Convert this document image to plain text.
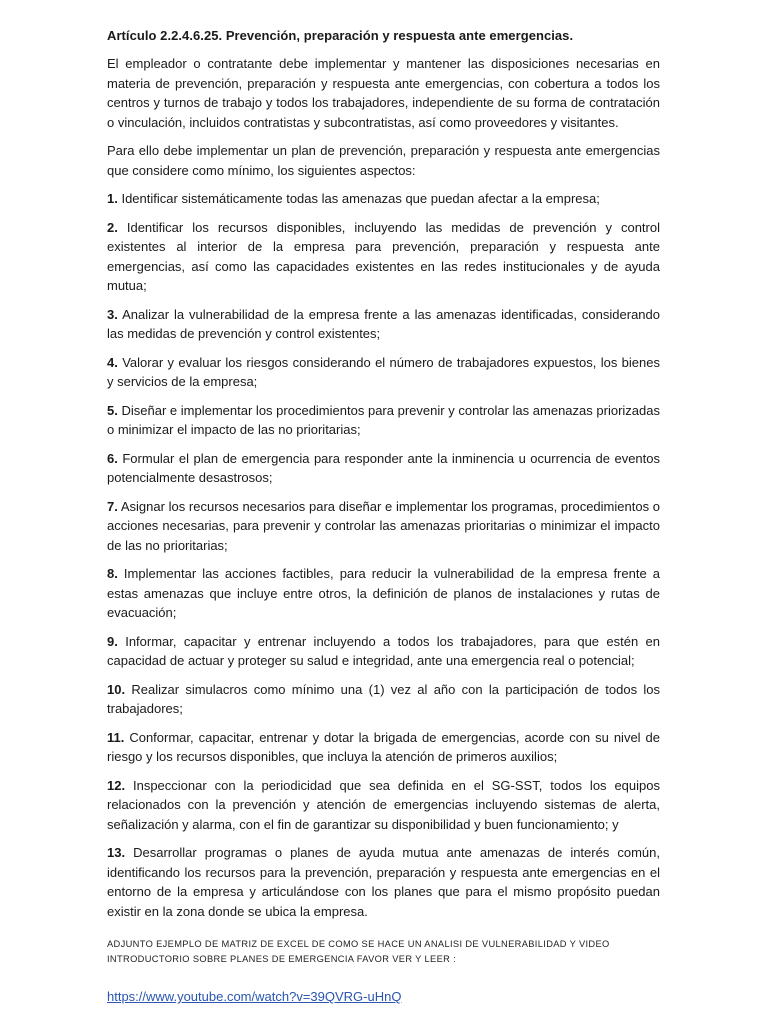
Artículo 2.2.4.6.25. Prevención, preparación y respuesta ante emergencias.

El empleador o contratante debe implementar y mantener las disposiciones necesarias en materia de prevención, preparación y respuesta ante emergencias, con cobertura a todos los centros y turnos de trabajo y todos los trabajadores, independiente de su forma de contratación o vinculación, incluidos contratistas y subcontratistas, así como proveedores y visitantes.

Para ello debe implementar un plan de prevención, preparación y respuesta ante emergencias que considere como mínimo, los siguientes aspectos:

1. Identificar sistemáticamente todas las amenazas que puedan afectar a la empresa;

2. Identificar los recursos disponibles, incluyendo las medidas de prevención y control existentes al interior de la empresa para prevención, preparación y respuesta ante emergencias, así como las capacidades existentes en las redes institucionales y de ayuda mutua;

3. Analizar la vulnerabilidad de la empresa frente a las amenazas identificadas, considerando las medidas de prevención y control existentes;

4. Valorar y evaluar los riesgos considerando el número de trabajadores expuestos, los bienes y servicios de la empresa;

5. Diseñar e implementar los procedimientos para prevenir y controlar las amenazas priorizadas o minimizar el impacto de las no prioritarias;

6. Formular el plan de emergencia para responder ante la inminencia u ocurrencia de eventos potencialmente desastrosos;

7. Asignar los recursos necesarios para diseñar e implementar los programas, procedimientos o acciones necesarias, para prevenir y controlar las amenazas prioritarias o minimizar el impacto de las no prioritarias;

8. Implementar las acciones factibles, para reducir la vulnerabilidad de la empresa frente a estas amenazas que incluye entre otros, la definición de planos de instalaciones y rutas de evacuación;

9. Informar, capacitar y entrenar incluyendo a todos los trabajadores, para que estén en capacidad de actuar y proteger su salud e integridad, ante una emergencia real o potencial;

10. Realizar simulacros como mínimo una (1) vez al año con la participación de todos los trabajadores;

11. Conformar, capacitar, entrenar y dotar la brigada de emergencias, acorde con su nivel de riesgo y los recursos disponibles, que incluya la atención de primeros auxilios;

12. Inspeccionar con la periodicidad que sea definida en el SG-SST, todos los equipos relacionados con la prevención y atención de emergencias incluyendo sistemas de alerta, señalización y alarma, con el fin de garantizar su disponibilidad y buen funcionamiento; y

13. Desarrollar programas o planes de ayuda mutua ante amenazas de interés común, identificando los recursos para la prevención, preparación y respuesta ante emergencias en el entorno de la empresa y articulándose con los planes que para el mismo propósito puedan existir en la zona donde se ubica la empresa.

ADJUNTO EJEMPLO DE MATRIZ DE EXCEL DE COMO SE HACE UN ANALISI DE VULNERABILIDAD Y VIDEO INTRODUCTORIO SOBRE PLANES DE EMERGENCIA FAVOR VER Y LEER :
https://www.youtube.com/watch?v=39QVRG-uHnQ
